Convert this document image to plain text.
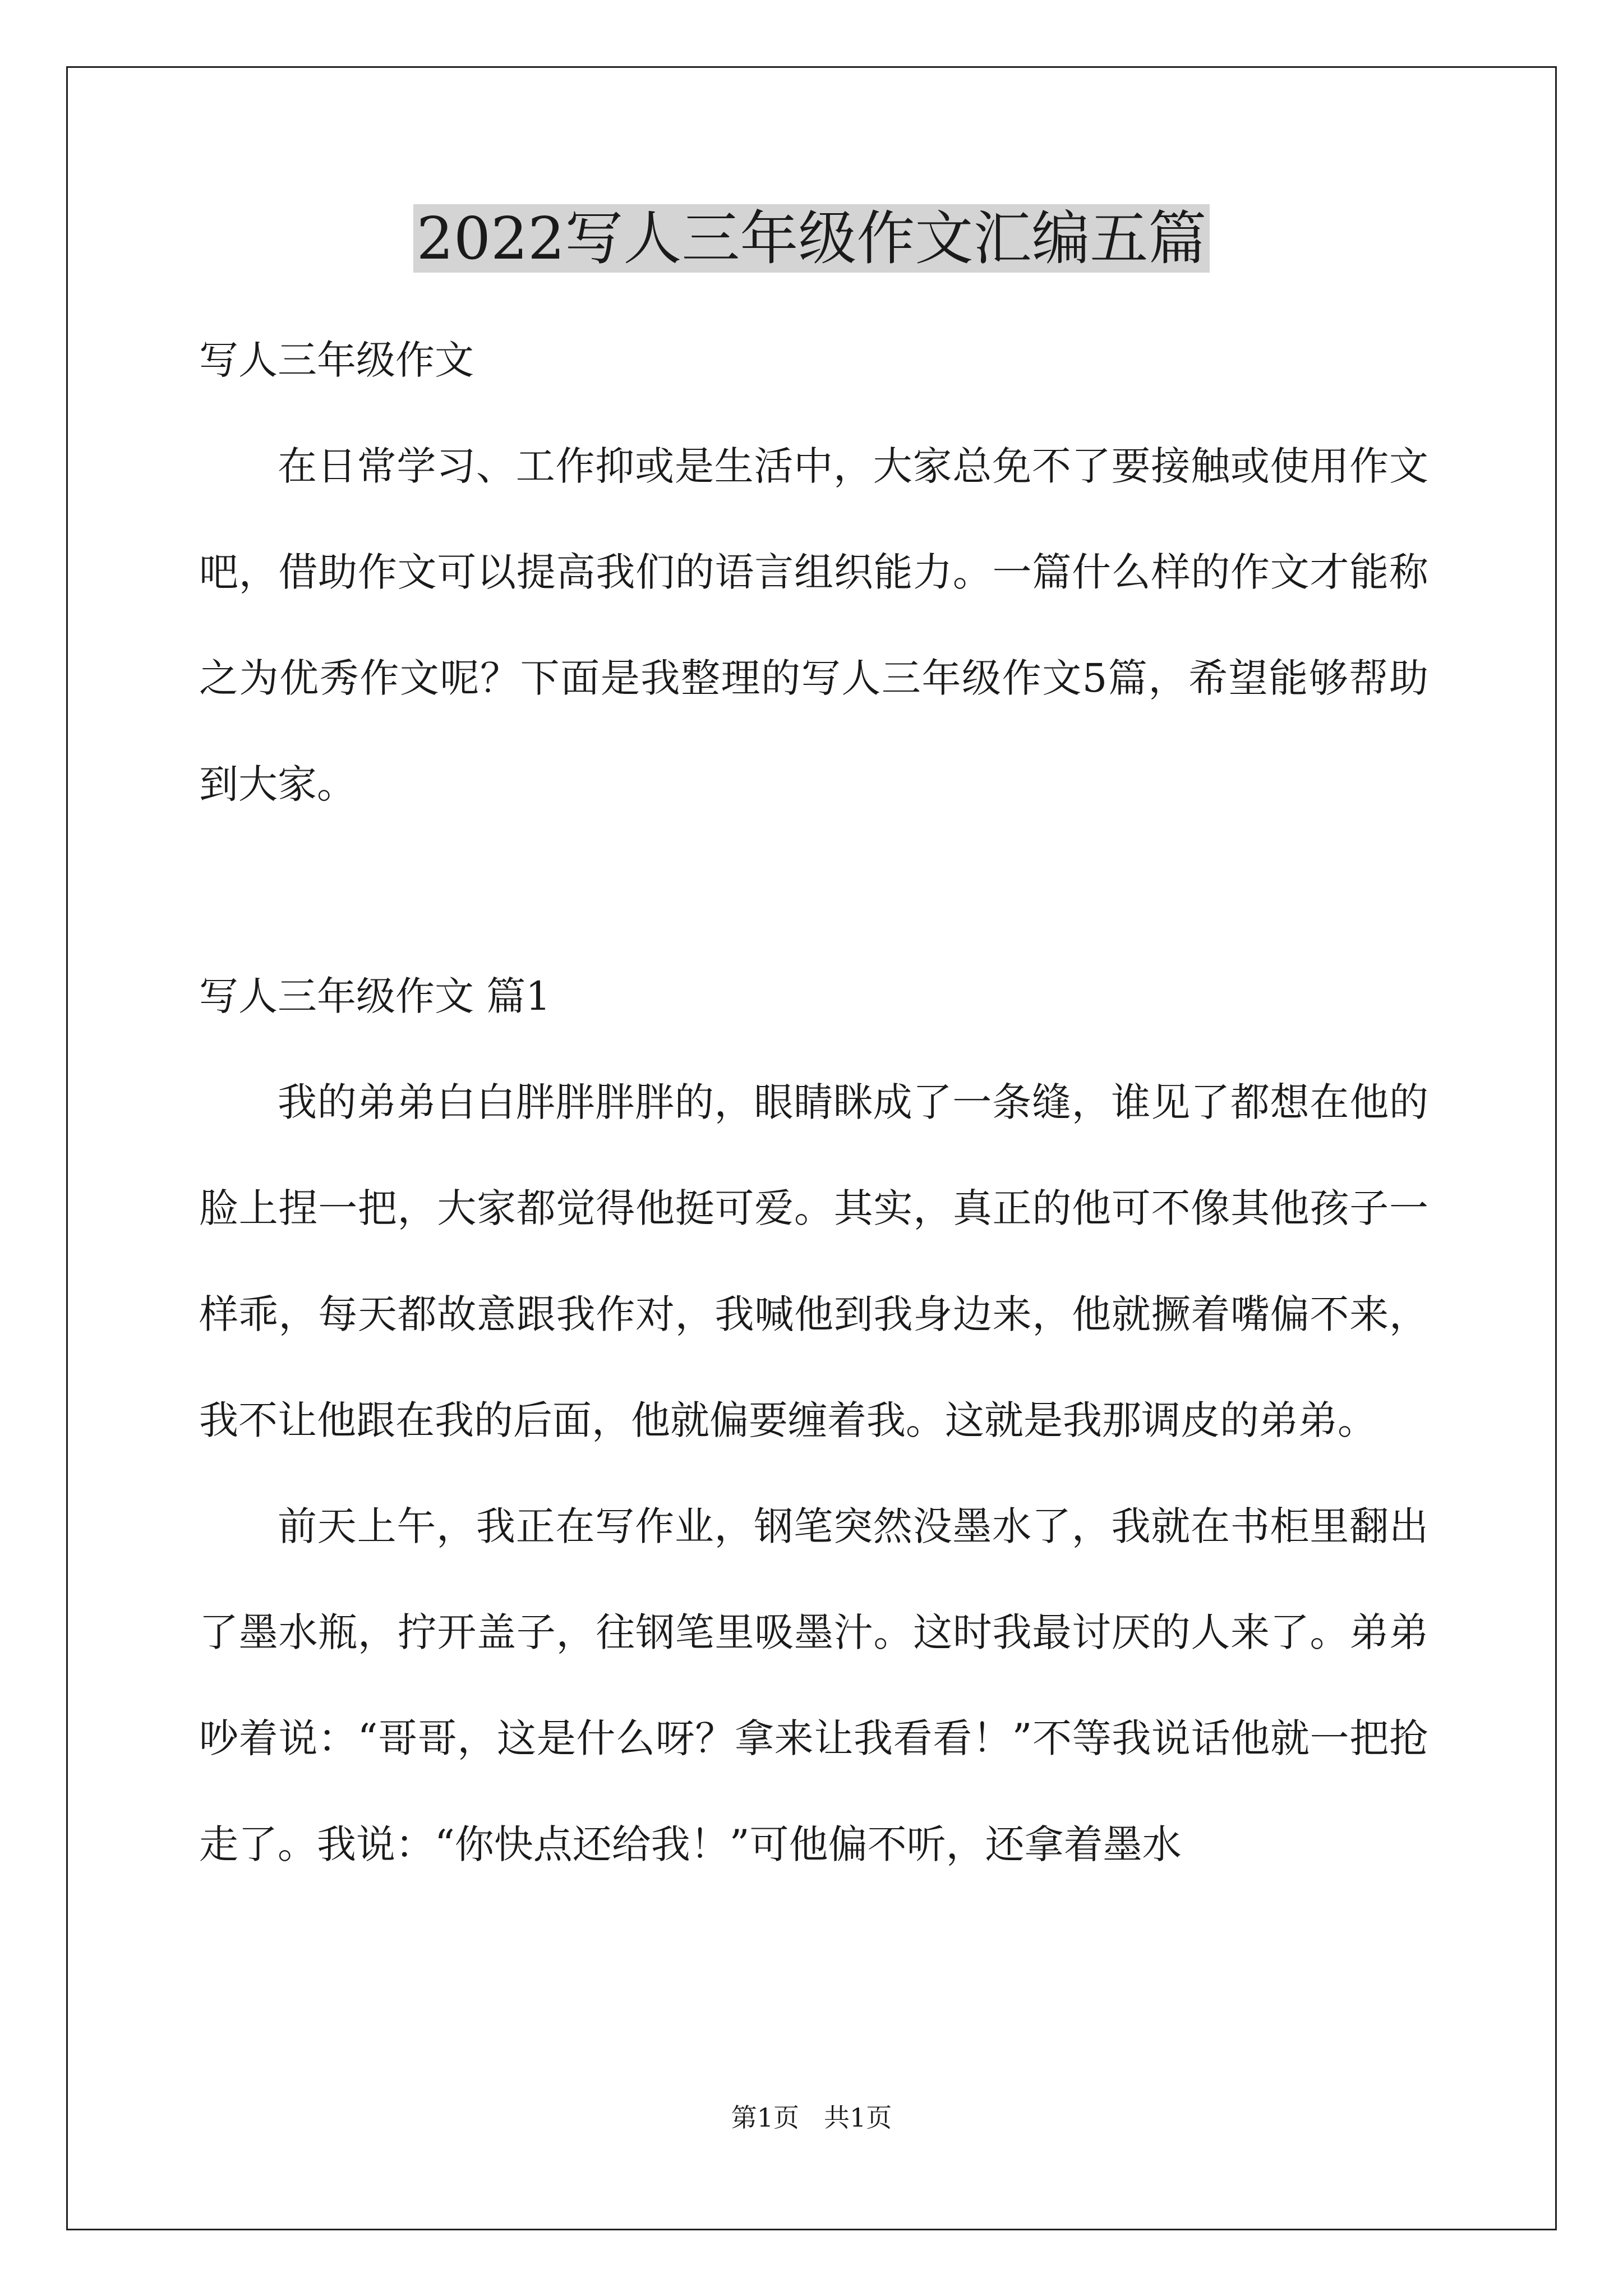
2022写人三年级作文汇编五篇

写人三年级作文

在日常学习、工作抑或是生活中，大家总免不了要接触或使用作文吧，借助作文可以提高我们的语言组织能力。一篇什么样的作文才能称之为优秀作文呢？下面是我整理的写人三年级作文5篇，希望能够帮助到大家。

写人三年级作文 篇1

我的弟弟白白胖胖胖胖的，眼睛眯成了一条缝，谁见了都想在他的脸上捏一把，大家都觉得他挺可爱。其实，真正的他可不像其他孩子一样乖，每天都故意跟我作对，我喊他到我身边来，他就撅着嘴偏不来，我不让他跟在我的后面，他就偏要缠着我。这就是我那调皮的弟弟。

前天上午，我正在写作业，钢笔突然没墨水了，我就在书柜里翻出了墨水瓶，拧开盖子，往钢笔里吸墨汁。这时我最讨厌的人来了。弟弟吵着说：“哥哥，这是什么呀？拿来让我看看！”不等我说话他就一把抢走了。我说：“你快点还给我！”可他偏不听，还拿着墨水

第1页 共1页
